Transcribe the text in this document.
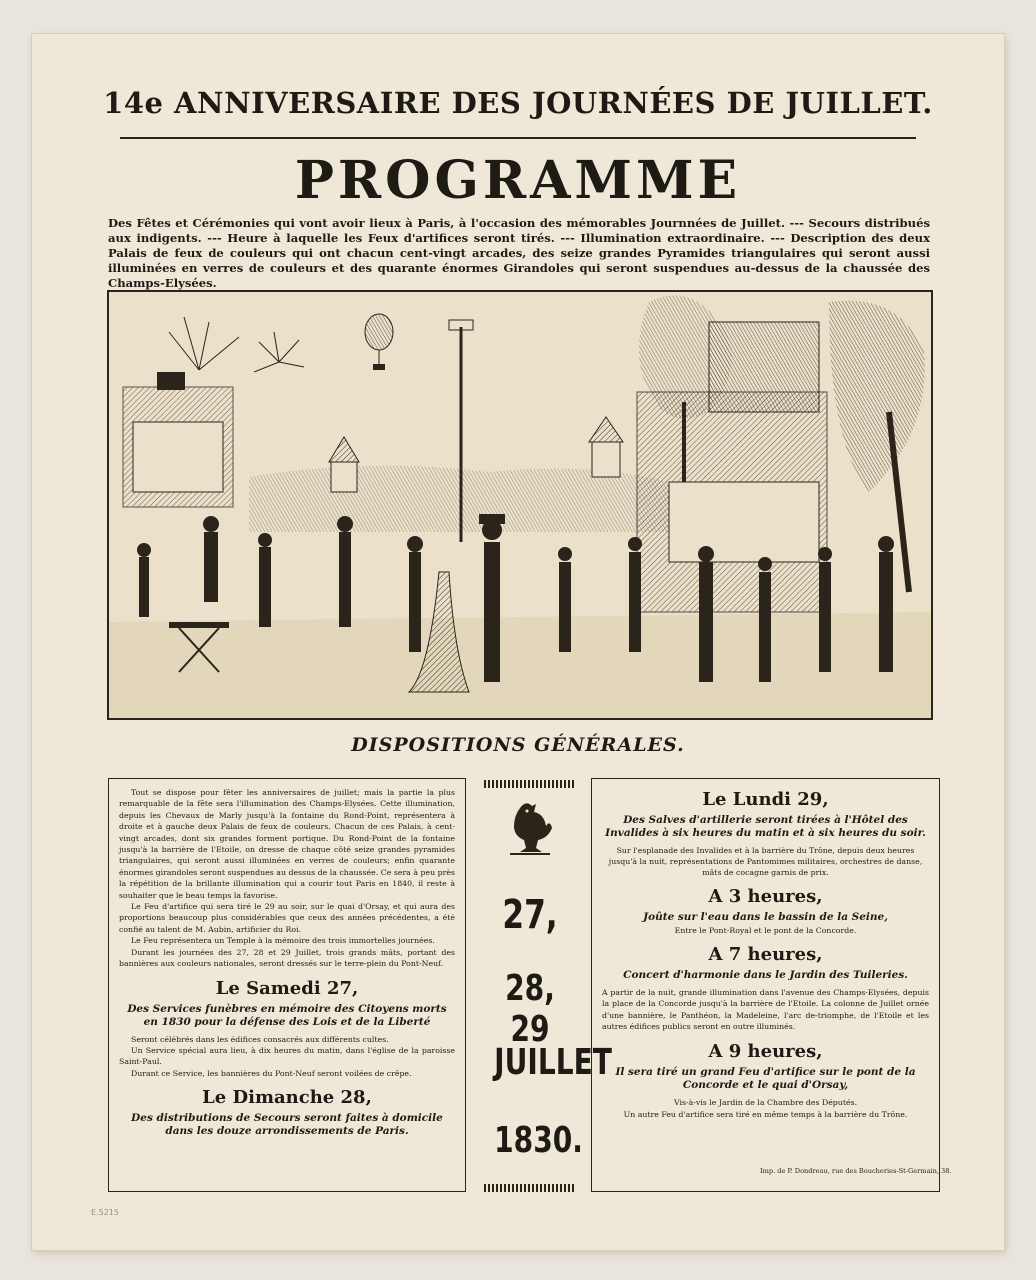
14e ANNIVERSAIRE DES JOURNÉES DE JUILLET.
PROGRAMME
Des Fêtes et Cérémonies qui vont avoir lieux à Paris, à l'occasion des mémorables Journnées de Juillet. --- Secours distribués aux indigents. --- Heure à laquelle les Feux d'artifices seront tirés. --- Illumination extraordinaire. --- Description des deux Palais de feux de couleurs qui ont chacun cent-vingt arcades, des seize grandes Pyramides triangulaires qui seront aussi illuminées en verres de couleurs et des quarante énormes Girandoles qui seront suspendues au-dessus de la chaussée des Champs-Elysées.
DISPOSITIONS GÉNÉRALES.

Tout se dispose pour fêter les anniversaires de juillet; mais la partie la plus remarquable de la fête sera l'illumination des Champs-Elysées. Cette illumination, depuis les Chevaux de Marly jusqu'à la fontaine du Rond-Point, représentera à droite et à gauche deux Palais de feux de couleurs. Chacun de ces Palais, à cent-vingt arcades, dont six grandes forment portique. Du Rond-Point de la fontaine jusqu'à la barrière de l'Etoile, on dresse de chaque côté seize grandes pyramides triangulaires, qui seront aussi illuminées en verres de couleurs; enfin quarante énormes girandoles seront suspendues au dessus de la chaussée. Ce sera à peu près la répétition de la brillante illumination qui a courir tout Paris en 1840, il reste à souhaiter que le beau temps la favorise.

Le Feu d'artifice qui sera tiré le 29 au soir, sur le quai d'Orsay, et qui aura des proportions beaucoup plus considérables que ceux des années précédentes, a été confié au talent de M. Aubin, artificier du Roi.

Le Feu représentera un Temple à la mémoire des trois immortelles journées.

Durant les journées des 27, 28 et 29 Juillet, trois grands mâts, portant des bannières aux couleurs nationales, seront dressés sur le terre-plein du Pont-Neuf.

Le Samedi 27,
Des Services funèbres en mémoire des Citoyens morts en 1830 pour la défense des Lois et de la Liberté

Seront célébrés dans les édifices consacrés aux différents cultes.

Un Service spécial aura lieu, à dix heures du matin, dans l'église de la paroisse Saint-Paul.

Durant ce Service, les bannières du Pont-Neuf seront voilées de crêpe.

Le Dimanche 28,
Des distributions de Secours seront faites à domicile dans les douze arrondissements de Paris.
27,
28, 29
JUILLET
1830.
Le Lundi 29,
Des Salves d'artillerie seront tirées à l'Hôtel des Invalides à six heures du matin et à six heures du soir.

Sur l'esplanade des Invalides et à la barrière du Trône, depuis deux heures jusqu'à la nuit, représentations de Pantomimes militaires, orchestres de danse, mâts de cocagne garnis de prix.

A 3 heures,
Joûte sur l'eau dans le bassin de la Seine,

Entre le Pont-Royal et le pont de la Concorde.

A 7 heures,
Concert d'harmonie dans le Jardin des Tuileries.

A partir de la nuit, grande illumination dans l'avenue des Champs-Elysées, depuis la place de la Concorde jusqu'à la barrière de l'Etoile. La colonne de Juillet ornée d'une bannière, le Panthéon, la Madeleine, l'arc de-triomphe, de l'Etoile et les autres édifices publics seront en outre illuminés.

A 9 heures,
Il sera tiré un grand Feu d'artifice sur le pont de la Concorde et le quai d'Orsay,

Vis-à-vis le Jardin de la Chambre des Députés.

Un autre Feu d'artifice sera tiré en même temps à la barrière du Trône.

Imp. de P. Dondreau, rue des Boucheries-St-Germain, 38.
E.5215
